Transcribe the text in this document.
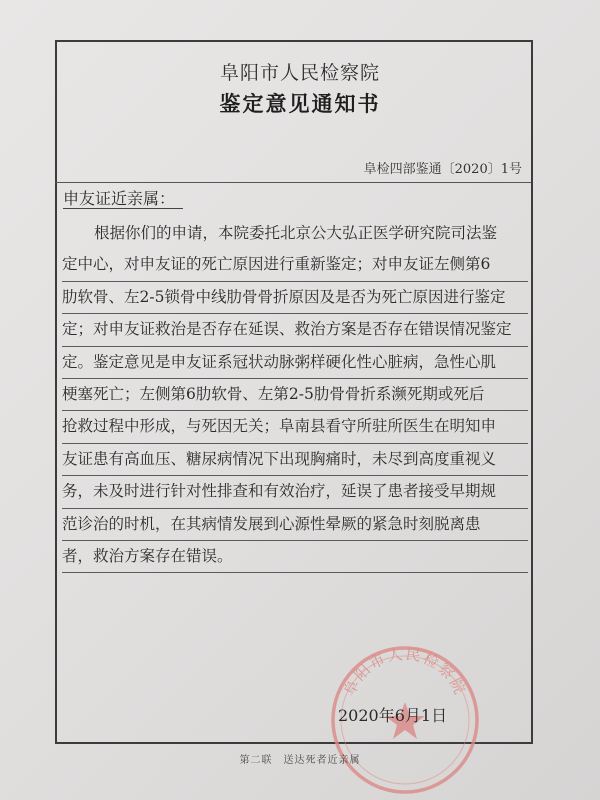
阜阳市人民检察院
鉴定意见通知书
阜检四部鉴通〔2020〕1号
申友证近亲属：
根据你们的申请，本院委托北京公大弘正医学研究院司法鉴
定中心，对申友证的死亡原因进行重新鉴定；对申友证左侧第6
肋软骨、左2-5锁骨中线肋骨骨折原因及是否为死亡原因进行鉴定
定；对申友证救治是否存在延误、救治方案是否存在错误情况鉴定
定。鉴定意见是申友证系冠状动脉粥样硬化性心脏病，急性心肌
梗塞死亡；左侧第6肋软骨、左第2-5肋骨骨折系濒死期或死后
抢救过程中形成，与死因无关；阜南县看守所驻所医生在明知申
友证患有高血压、糖尿病情况下出现胸痛时，未尽到高度重视义
务，未及时进行针对性排查和有效治疗，延误了患者接受早期规
范诊治的时机，在其病情发展到心源性晕厥的紧急时刻脱离患
者，救治方案存在错误。
阜阳市人民检察院
2020年6月1日
第二联　送达死者近亲属
